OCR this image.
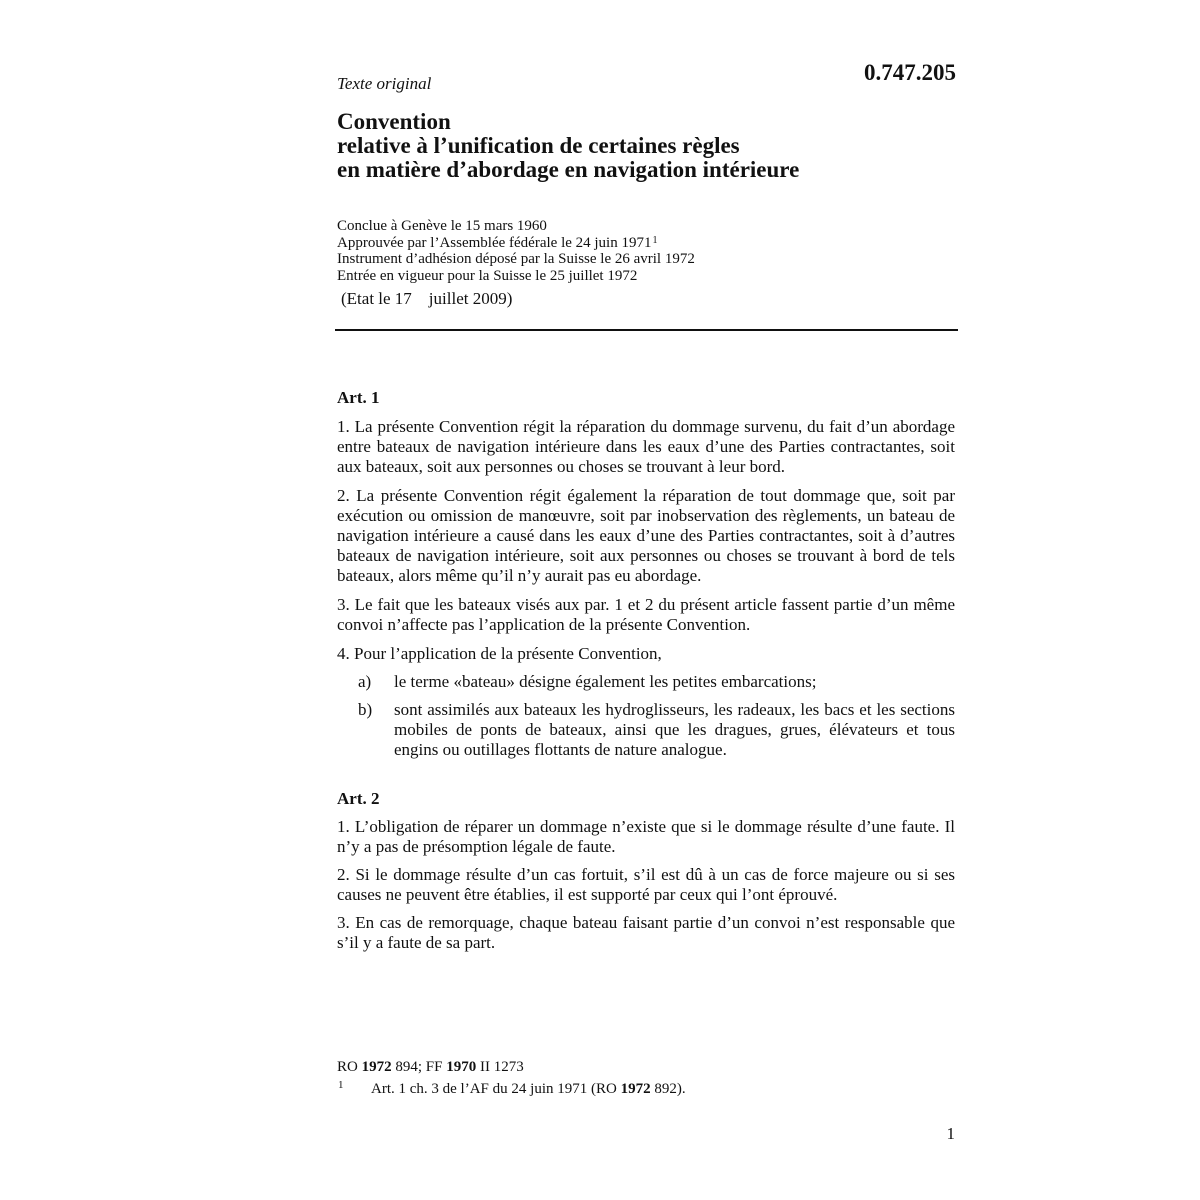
Texte original	0.747.205
Convention
relative à l’unification de certaines règles
en matière d’abordage en navigation intérieure
Conclue à Genève le 15 mars 1960
Approuvée par l’Assemblée fédérale le 24 juin 1971$^1$
Instrument d’adhésion déposé par la Suisse le 26 avril 1972
Entrée en vigueur pour la Suisse le 25 juillet 1972
(Etat le 17    juillet 2009)
Art. 1
1. La présente Convention régit la réparation du dommage survenu, du fait d’un abordage entre bateaux de navigation intérieure dans les eaux d’une des Parties contractantes, soit aux bateaux, soit aux personnes ou choses se trouvant à leur bord.
2. La présente Convention régit également la réparation de tout dommage que, soit par exécution ou omission de manœuvre, soit par inobservation des règlements, un bateau de navigation intérieure a causé dans les eaux d’une des Parties contractantes, soit à d’autres bateaux de navigation intérieure, soit aux personnes ou choses se trouvant à bord de tels bateaux, alors même qu’il n’y aurait pas eu abordage.
3. Le fait que les bateaux visés aux par. 1 et 2 du présent article fassent partie d’un même convoi n’affecte pas l’application de la présente Convention.
4. Pour l’application de la présente Convention,
a) le terme «bateau» désigne également les petites embarcations;
b) sont assimilés aux bateaux les hydroglisseurs, les radeaux, les bacs et les sections mobiles de ponts de bateaux, ainsi que les dragues, grues, élévateurs et tous engins ou outillages flottants de nature analogue.
Art. 2
1. L’obligation de réparer un dommage n’existe que si le dommage résulte d’une faute. Il n’y a pas de présomption légale de faute.
2. Si le dommage résulte d’un cas fortuit, s’il est dû à un cas de force majeure ou si ses causes ne peuvent être établies, il est supporté par ceux qui l’ont éprouvé.
3. En cas de remorquage, chaque bateau faisant partie d’un convoi n’est responsable que s’il y a faute de sa part.
RO 1972 894; FF 1970 II 1273
1 Art. 1 ch. 3 de l’AF du 24 juin 1971 (RO 1972 892).
1
